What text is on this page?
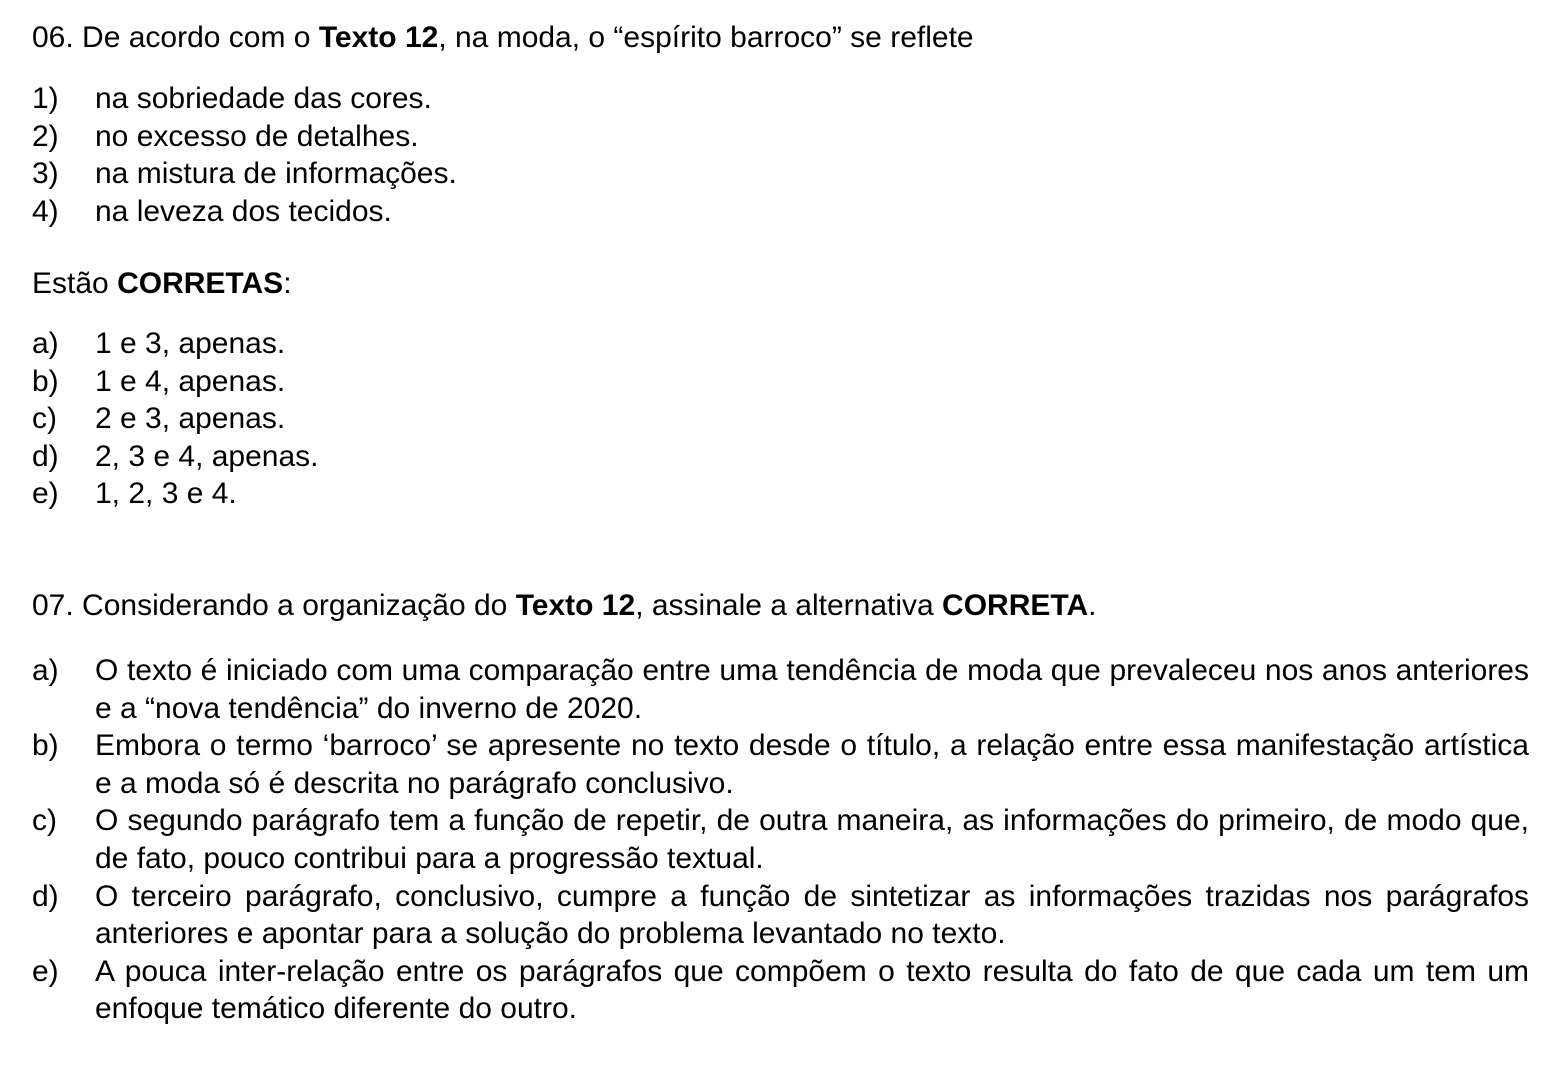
06. De acordo com o Texto 12, na moda, o “espírito barroco” se reflete
1)	na sobriedade das cores.
2)	no excesso de detalhes.
3)	na mistura de informações.
4)	na leveza dos tecidos.
Estão CORRETAS:
a)	1 e 3, apenas.
b)	1 e 4, apenas.
c)	2 e 3, apenas.
d)	2, 3 e 4, apenas.
e)	1, 2, 3 e 4.
07. Considerando a organização do Texto 12, assinale a alternativa CORRETA.
a)	O texto é iniciado com uma comparação entre uma tendência de moda que prevaleceu nos anos anteriores e a “nova tendência” do inverno de 2020.
b)	Embora o termo ‘barroco’ se apresente no texto desde o título, a relação entre essa manifestação artística e a moda só é descrita no parágrafo conclusivo.
c)	O segundo parágrafo tem a função de repetir, de outra maneira, as informações do primeiro, de modo que, de fato, pouco contribui para a progressão textual.
d)	O terceiro parágrafo, conclusivo, cumpre a função de sintetizar as informações trazidas nos parágrafos anteriores e apontar para a solução do problema levantado no texto.
e)	A pouca inter-relação entre os parágrafos que compõem o texto resulta do fato de que cada um tem um enfoque temático diferente do outro.
